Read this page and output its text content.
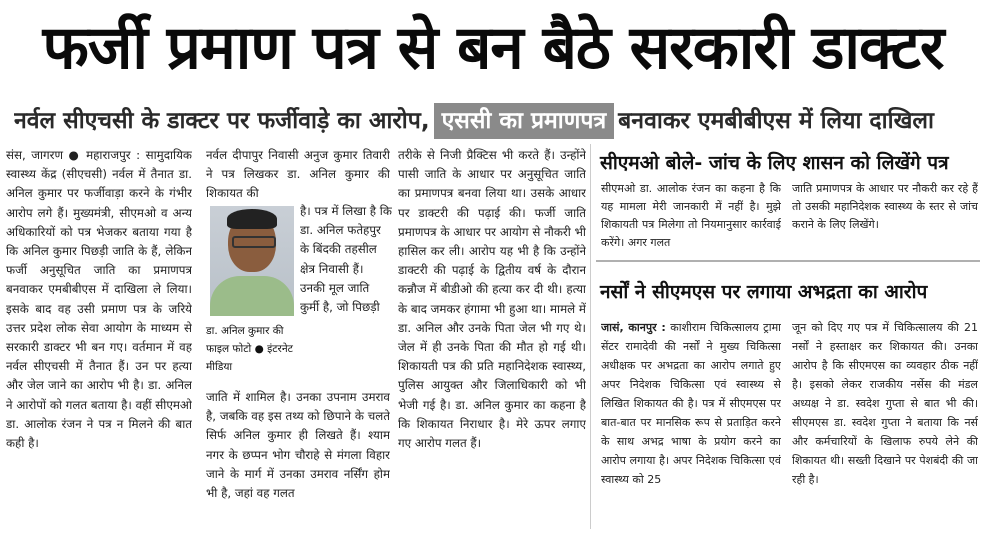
फर्जी प्रमाण पत्र से बन बैठे सरकारी डाक्टर
नर्वल सीएचसी के डाक्टर पर फर्जीवाड़े का आरोप, एससी का प्रमाणपत्र बनवाकर एमबीबीएस में लिया दाखिला

संस, जागरण ● महाराजपुर : सामुदायिक स्वास्थ्य केंद्र (सीएचसी) नर्वल में तैनात डा. अनिल कुमार पर फर्जीवाड़ा करने के गंभीर आरोप लगे हैं। मुख्यमंत्री, सीएमओ व अन्य अधिकारियों को पत्र भेजकर बताया गया है कि अनिल कुमार पिछड़ी जाति के हैं, लेकिन फर्जी अनुसूचित जाति का प्रमाणपत्र बनवाकर एमबीबीएस में दाखिला ले लिया। इसके बाद वह उसी प्रमाण पत्र के जरिये उत्तर प्रदेश लोक सेवा आयोग के माध्यम से सरकारी डाक्टर भी बन गए। वर्तमान में वह नर्वल सीएचसी में तैनात हैं। उन पर हत्या और जेल जाने का आरोप भी है। डा. अनिल ने आरोपों को गलत बताया है। वहीं सीएमओ डा. आलोक रंजन ने पत्र न मिलने की बात कही है।

नर्वल दीपापुर निवासी अनुज कुमार तिवारी ने पत्र लिखकर डा. अनिल कुमार की शिकायत की

है। पत्र में लिखा है कि डा. अनिल फतेहपुर के बिंदकी तहसील क्षेत्र निवासी हैं। उनकी मूल जाति कुर्मी है, जो पिछड़ी

डा. अनिल कुमार की फाइल फोटो ● इंटरनेट मीडिया

जाति में शामिल है। उनका उपनाम उमराव है, जबकि वह इस तथ्य को छिपाने के चलते सिर्फ अनिल कुमार ही लिखते हैं। श्याम नगर के छप्पन भोग चौराहे से मंगला विहार जाने के मार्ग में उनका उमराव नर्सिंग होम भी है, जहां वह गलत

तरीके से निजी प्रैक्टिस भी करते हैं। उन्होंने पासी जाति के आधार पर अनुसूचित जाति का प्रमाणपत्र बनवा लिया था। उसके आधार पर डाक्टरी की पढ़ाई की। फर्जी जाति प्रमाणपत्र के आधार पर आयोग से नौकरी भी हासिल कर ली। आरोप यह भी है कि उन्होंने डाक्टरी की पढ़ाई के द्वितीय वर्ष के दौरान कन्नौज में बीडीओ की हत्या कर दी थी। हत्या के बाद जमकर हंगामा भी हुआ था। मामले में डा. अनिल और उनके पिता जेल भी गए थे। जेल में ही उनके पिता की मौत हो गई थी। शिकायती पत्र की प्रति महानिदेशक स्वास्थ्य, पुलिस आयुक्त और जिलाधिकारी को भी भेजी गई है। डा. अनिल कुमार का कहना है कि शिकायत निराधार है। मेरे ऊपर लगाए गए आरोप गलत हैं।

सीएमओ बोले- जांच के लिए शासन को लिखेंगे पत्र

सीएमओ डा. आलोक रंजन का कहना है कि यह मामला मेरी जानकारी में नहीं है। मुझे शिकायती पत्र मिलेगा तो नियमानुसार कार्रवाई करेंगे। अगर गलत

जाति प्रमाणपत्र के आधार पर नौकरी कर रहे हैं तो उसकी महानिदेशक स्वास्थ्य के स्तर से जांच कराने के लिए लिखेंगे।

नर्सों ने सीएमएस पर लगाया अभद्रता का आरोप

जासं, कानपुर : काशीराम चिकित्सालय ट्रामा सेंटर रामादेवी की नर्सों ने मुख्य चिकित्सा अधीक्षक पर अभद्रता का आरोप लगाते हुए अपर निदेशक चिकित्सा एवं स्वास्थ्य से लिखित शिकायत की है। पत्र में सीएमएस पर बात-बात पर मानसिक रूप से प्रताड़ित करने के साथ अभद्र भाषा के प्रयोग करने का आरोप लगाया है। अपर निदेशक चिकित्सा एवं स्वास्थ्य को 25

जून को दिए गए पत्र में चिकित्सालय की 21 नर्सों ने हस्ताक्षर कर शिकायत की। उनका आरोप है कि सीएमएस का व्यवहार ठीक नहीं है। इसको लेकर राजकीय नर्सेस की मंडल अध्यक्ष ने डा. स्वदेश गुप्ता से बात भी की। सीएमएस डा. स्वदेश गुप्ता ने बताया कि नर्स और कर्मचारियों के खिलाफ रुपये लेने की शिकायत थी। सख्ती दिखाने पर पेशबंदी की जा रही है।
